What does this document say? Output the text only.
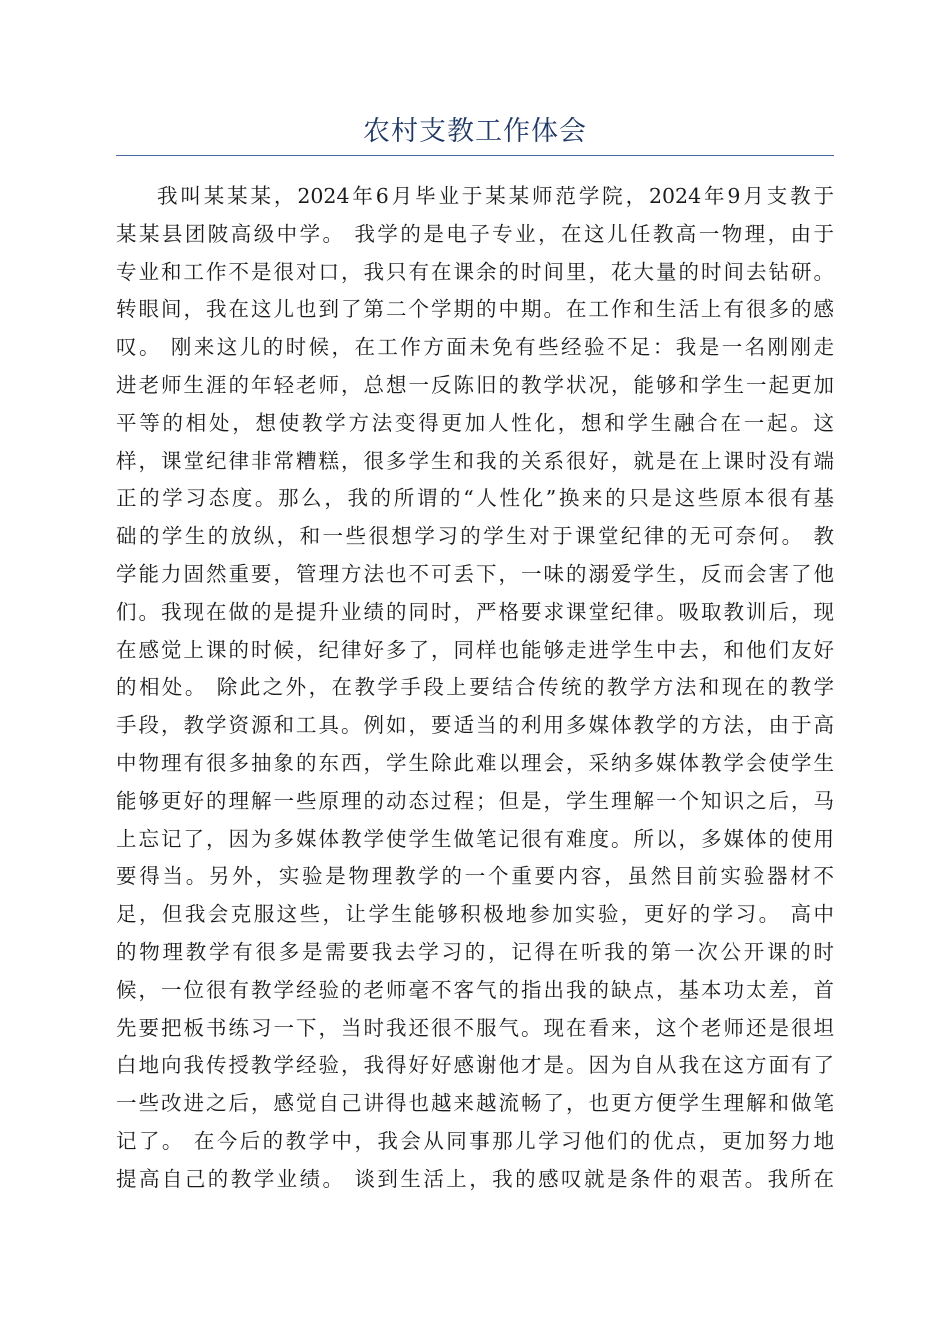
农村支教工作体会
我叫某某某，2024年6月毕业于某某师范学院，2024年9月支教于
某某县团陂高级中学。 我学的是电子专业，在这儿任教高一物理，由于
专业和工作不是很对口，我只有在课余的时间里，花大量的时间去钻研。
转眼间，我在这儿也到了第二个学期的中期。在工作和生活上有很多的感
叹。 刚来这儿的时候，在工作方面未免有些经验不足：我是一名刚刚走
进老师生涯的年轻老师，总想一反陈旧的教学状况，能够和学生一起更加
平等的相处，想使教学方法变得更加人性化，想和学生融合在一起。这
样，课堂纪律非常糟糕，很多学生和我的关系很好，就是在上课时没有端
正的学习态度。那么，我的所谓的“人性化”换来的只是这些原本很有基
础的学生的放纵，和一些很想学习的学生对于课堂纪律的无可奈何。 教
学能力固然重要，管理方法也不可丢下，一味的溺爱学生，反而会害了他
们。我现在做的是提升业绩的同时，严格要求课堂纪律。吸取教训后，现
在感觉上课的时候，纪律好多了，同样也能够走进学生中去，和他们友好
的相处。 除此之外，在教学手段上要结合传统的教学方法和现在的教学
手段，教学资源和工具。例如，要适当的利用多媒体教学的方法，由于高
中物理有很多抽象的东西，学生除此难以理会，采纳多媒体教学会使学生
能够更好的理解一些原理的动态过程；但是，学生理解一个知识之后，马
上忘记了，因为多媒体教学使学生做笔记很有难度。所以，多媒体的使用
要得当。另外，实验是物理教学的一个重要内容，虽然目前实验器材不
足，但我会克服这些，让学生能够积极地参加实验，更好的学习。 高中
的物理教学有很多是需要我去学习的，记得在听我的第一次公开课的时
候，一位很有教学经验的老师毫不客气的指出我的缺点，基本功太差，首
先要把板书练习一下，当时我还很不服气。现在看来，这个老师还是很坦
白地向我传授教学经验，我得好好感谢他才是。因为自从我在这方面有了
一些改进之后，感觉自己讲得也越来越流畅了，也更方便学生理解和做笔
记了。 在今后的教学中，我会从同事那儿学习他们的优点，更加努力地
提高自己的教学业绩。 谈到生活上，我的感叹就是条件的艰苦。我所在
